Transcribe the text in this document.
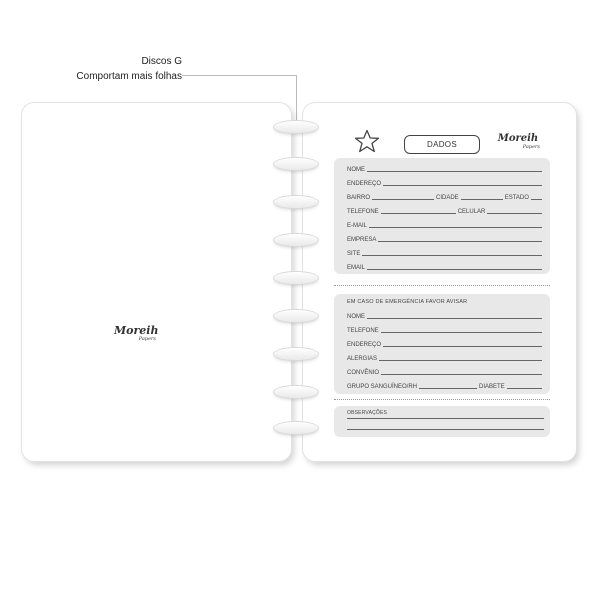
Discos G
Comportam mais folhas
Moreih
Papers
DADOS
Moreih
Papers
NOME
ENDEREÇO
BAIRRO	CIDADE	ESTADO
TELEFONE	CELULAR
E-MAIL
EMPRESA
SITE
EMAIL
EM CASO DE EMERGÊNCIA FAVOR AVISAR
NOME
TELEFONE
ENDEREÇO
ALERGIAS
CONVÊNIO
GRUPO SANGUÍNEO/RH	DIABETE
OBSERVAÇÕES
